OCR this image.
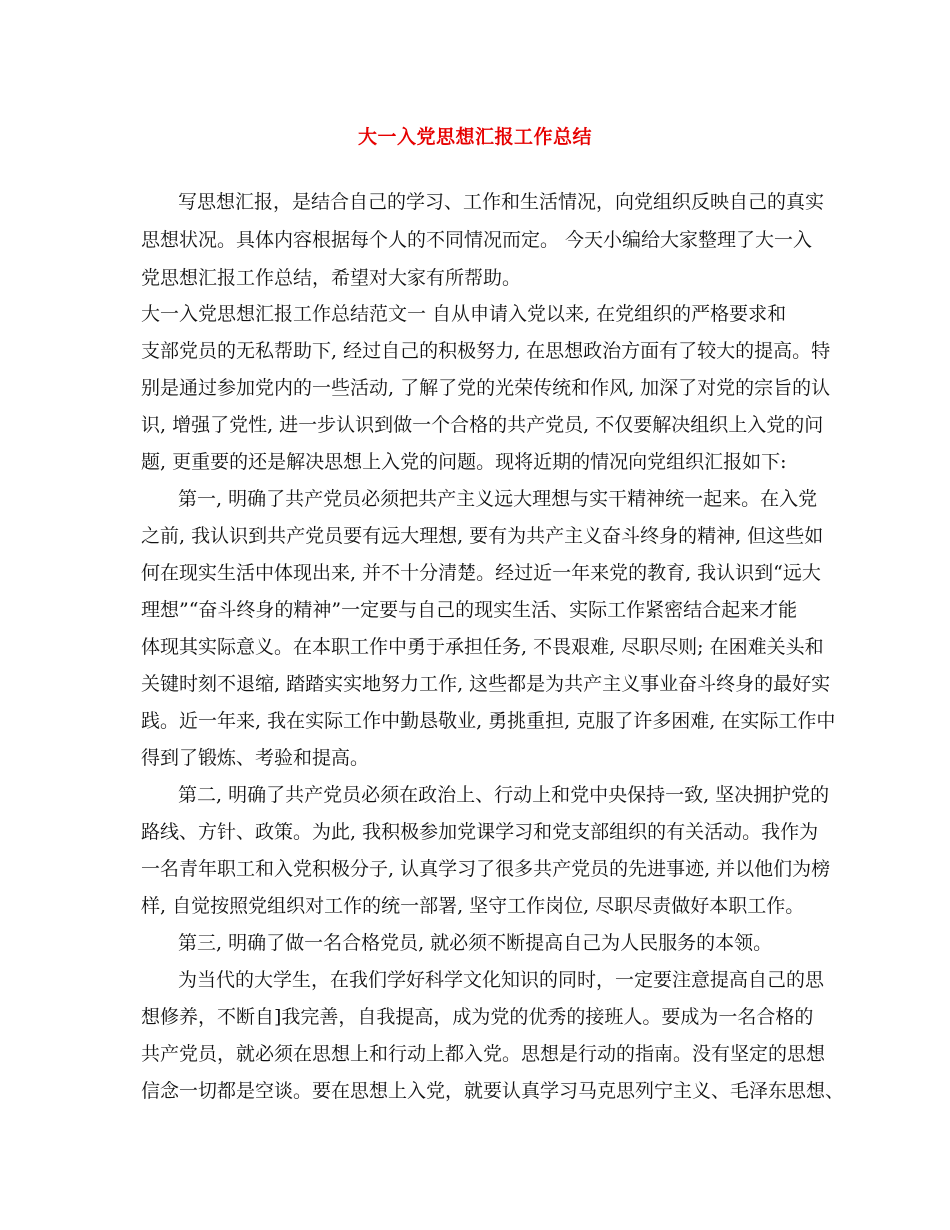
大一入党思想汇报工作总结
写思想汇报，是结合自己的学习、工作和生活情况，向党组织反映自己的真实
思想状况。具体内容根据每个人的不同情况而定。 今天小编给大家整理了大一入
党思想汇报工作总结，希望对大家有所帮助。
大一入党思想汇报工作总结范文一 自从申请入党以来, 在党组织的严格要求和
支部党员的无私帮助下, 经过自己的积极努力, 在思想政治方面有了较大的提高。特
别是通过参加党内的一些活动, 了解了党的光荣传统和作风, 加深了对党的宗旨的认
识, 增强了党性, 进一步认识到做一个合格的共产党员, 不仅要解决组织上入党的问
题, 更重要的还是解决思想上入党的问题。现将近期的情况向党组织汇报如下:
第一, 明确了共产党员必须把共产主义远大理想与实干精神统一起来。在入党
之前, 我认识到共产党员要有远大理想, 要有为共产主义奋斗终身的精神, 但这些如
何在现实生活中体现出来, 并不十分清楚。经过近一年来党的教育, 我认识到“远大
理想”“奋斗终身的精神”一定要与自己的现实生活、实际工作紧密结合起来才能
体现其实际意义。在本职工作中勇于承担任务, 不畏艰难, 尽职尽则; 在困难关头和
关键时刻不退缩, 踏踏实实地努力工作, 这些都是为共产主义事业奋斗终身的最好实
践。近一年来, 我在实际工作中勤恳敬业, 勇挑重担, 克服了许多困难, 在实际工作中
得到了锻炼、考验和提高。
第二, 明确了共产党员必须在政治上、行动上和党中央保持一致, 坚决拥护党的
路线、方针、政策。为此, 我积极参加党课学习和党支部组织的有关活动。我作为
一名青年职工和入党积极分子, 认真学习了很多共产党员的先进事迹, 并以他们为榜
样, 自觉按照党组织对工作的统一部署, 坚守工作岗位, 尽职尽责做好本职工作。
第三, 明确了做一名合格党员, 就必须不断提高自己为人民服务的本领。
为当代的大学生，在我们学好科学文化知识的同时，一定要注意提高自己的思
想修养，不断自]我完善，自我提高，成为党的优秀的接班人。要成为一名合格的
共产党员，就必须在思想上和行动上都入党。思想是行动的指南。没有坚定的思想
信念一切都是空谈。要在思想上入党，就要认真学习马克思列宁主义、毛泽东思想、
